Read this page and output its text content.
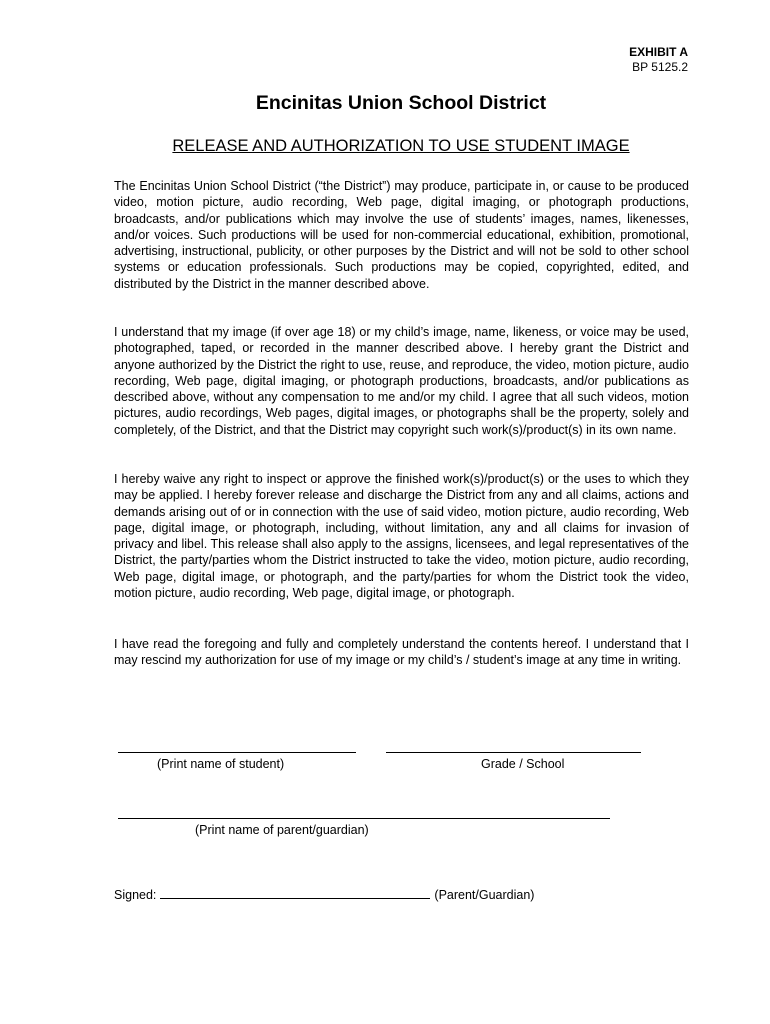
EXHIBIT A
BP 5125.2
Encinitas Union School District
RELEASE AND AUTHORIZATION TO USE STUDENT IMAGE

The Encinitas Union School District (“the District”) may produce, participate in, or cause to be produced video, motion picture, audio recording, Web page, digital imaging, or photograph productions, broadcasts, and/or publications which may involve the use of students’ images, names, likenesses, and/or voices. Such productions will be used for non-commercial educational, exhibition, promotional, advertising, instructional, publicity, or other purposes by the District and will not be sold to other school systems or education professionals. Such productions may be copied, copyrighted, edited, and distributed by the District in the manner described above.

I understand that my image (if over age 18) or my child’s image, name, likeness, or voice may be used, photographed, taped, or recorded in the manner described above. I hereby grant the District and anyone authorized by the District the right to use, reuse, and reproduce, the video, motion picture, audio recording, Web page, digital imaging, or photograph productions, broadcasts, and/or publications as described above, without any compensation to me and/or my child. I agree that all such videos, motion pictures, audio recordings, Web pages, digital images, or photographs shall be the property, solely and completely, of the District, and that the District may copyright such work(s)/product(s) in its own name.

I hereby waive any right to inspect or approve the finished work(s)/product(s) or the uses to which they may be applied. I hereby forever release and discharge the District from any and all claims, actions and demands arising out of or in connection with the use of said video, motion picture, audio recording, Web page, digital image, or photograph, including, without limitation, any and all claims for invasion of privacy and libel. This release shall also apply to the assigns, licensees, and legal representatives of the District, the party/parties whom the District instructed to take the video, motion picture, audio recording, Web page, digital image, or photograph, and the party/parties for whom the District took the video, motion picture, audio recording, Web page, digital image, or photograph.

I have read the foregoing and fully and completely understand the contents hereof. I understand that I may rescind my authorization for use of my image or my child’s / student’s image at any time in writing.

(Print name of student)	Grade / School
(Print name of parent/guardian)
Signed:	(Parent/Guardian)
